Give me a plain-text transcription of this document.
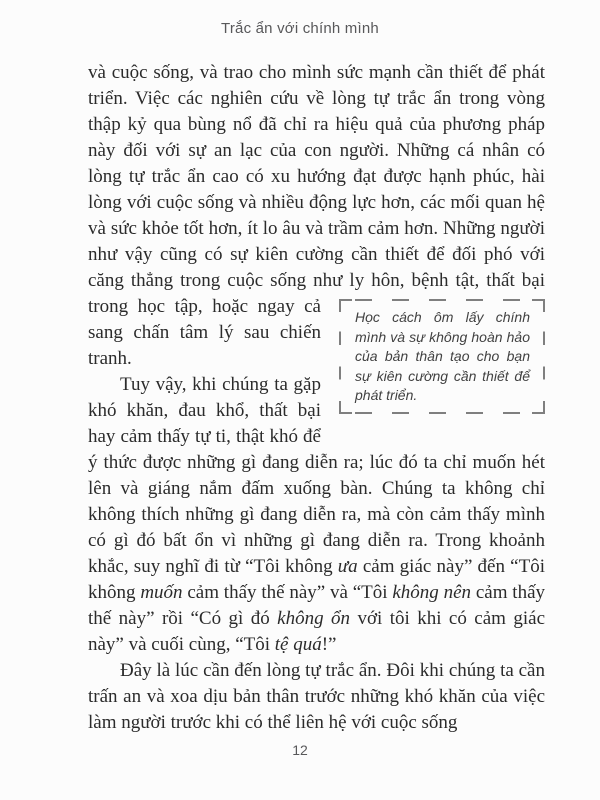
Trắc ẩn với chính mình

và cuộc sống, và trao cho mình sức mạnh cần thiết để phát triển. Việc các nghiên cứu về lòng tự trắc ẩn trong vòng thập kỷ qua bùng nổ đã chỉ ra hiệu quả của phương pháp này đối với sự an lạc của con người. Những cá nhân có lòng tự trắc ẩn cao có xu hướng đạt được hạnh phúc, hài lòng với cuộc sống và nhiều động lực hơn, các mối quan hệ và sức khỏe tốt hơn, ít lo âu và trầm cảm hơn. Những người như vậy cũng có sự kiên cường cần thiết để đối phó với căng thẳng trong cuộc sống như ly hôn,
Học cách ôm lấy chính mình và sự không hoàn hảo của bản thân tạo cho bạn sự kiên cường cần thiết để phát triển.
bệnh tật, thất bại trong học tập, hoặc ngay cả sang chấn tâm lý sau chiến tranh.

Tuy vậy, khi chúng ta gặp khó khăn, đau khổ, thất bại hay cảm thấy tự ti, thật khó để ý thức được những gì đang diễn ra; lúc đó ta chỉ muốn hét lên và giáng nắm đấm xuống bàn. Chúng ta không chỉ không thích những gì đang diễn ra, mà còn cảm thấy mình có gì đó bất ổn vì những gì đang diễn ra. Trong khoảnh khắc, suy nghĩ đi từ “Tôi không ưa cảm giác này” đến “Tôi không muốn cảm thấy thế này” và “Tôi không nên cảm thấy thế này” rồi “Có gì đó không ổn với tôi khi có cảm giác này” và cuối cùng, “Tôi tệ quá!”

Đây là lúc cần đến lòng tự trắc ẩn. Đôi khi chúng ta cần trấn an và xoa dịu bản thân trước những khó khăn của việc làm người trước khi có thể liên hệ với cuộc sống

12
